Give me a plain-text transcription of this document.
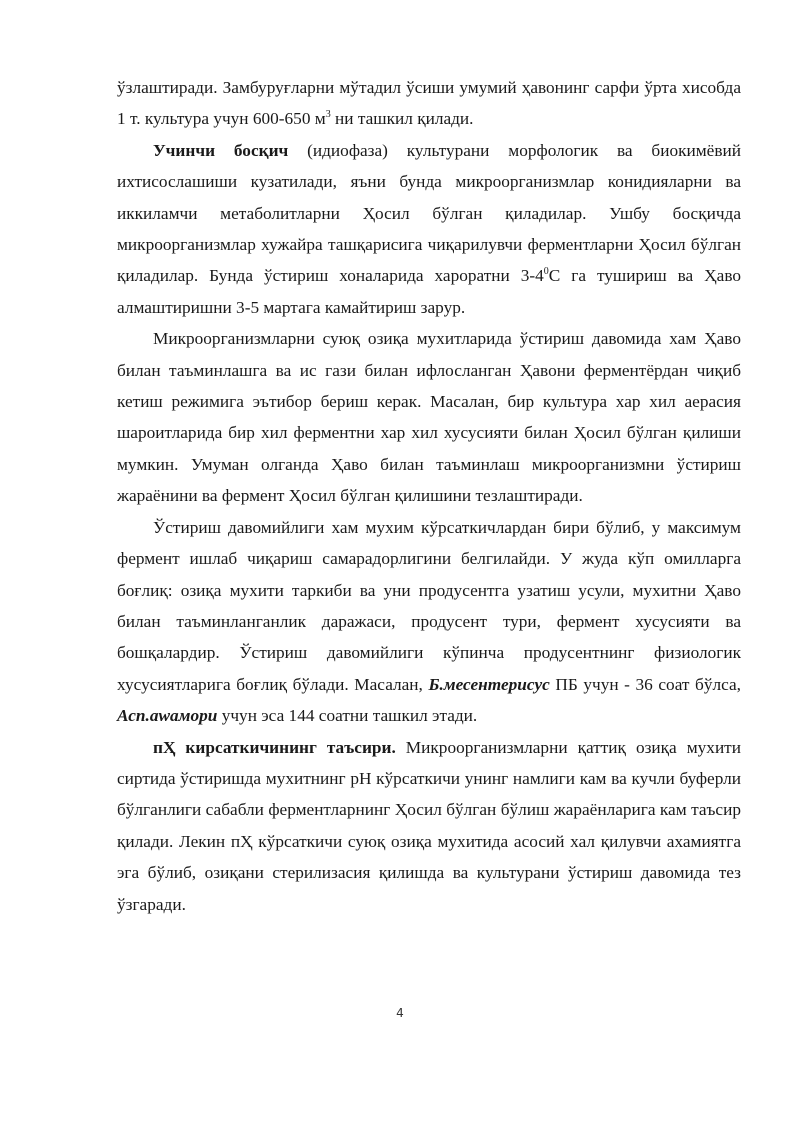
ўзлаштиради. Замбуруғларни мўтадил ўсиши умумий ҳавонинг сарфи ўрта хисобда 1 т. культура учун 600-650 $м^3$ ни ташкил қилади.

Учинчи босқич (идиофаза) культурани морфологик ва биокимёвий ихтисослашиши кузатилади, яъни бунда микроорганизмлар конидияларни ва иккиламчи метаболитларни Ҳосил бўлган қиладилар. Ушбу босқичда микроорганизмлар хужайра ташқарисига чиқарилувчи ферментларни Ҳосил бўлган қиладилар. Бунда ўстириш хоналарида хароратни $3-4^0С$ га тушириш ва Ҳаво алмаштиришни 3-5 мартага камайтириш зарур.

Микроорганизмларни суюқ озиқа мухитларида ўстириш давомида хам Ҳаво билан таъминлашга ва ис гази билан ифлосланган Ҳавони ферментёрдан чиқиб кетиш режимига эътибор бериш керак. Масалан, бир культура хар хил аерасия шароитларида бир хил ферментни хар хил хусусияти билан Ҳосил бўлган қилиши мумкин. Умуман олганда Ҳаво билан таъминлаш микроорганизмни ўстириш жараёнини ва фермент Ҳосил бўлган қилишини тезлаштиради.

Ўстириш давомийлиги хам мухим кўрсаткичлардан бири бўлиб, у максимум фермент ишлаб чиқариш самарадорлигини белгилайди. У жуда кўп омилларга боғлиқ: озиқа мухити таркиби ва уни продусентга узатиш усули, мухитни Ҳаво билан таъминланганлик даражаси, продусент тури, фермент хусусияти ва бошқалардир. Ўстириш давомийлиги кўпинча продусентнинг физиологик хусусиятларига боғлиқ бўлади. Масалан, Б.месентерисус ПБ учун - 36 соат бўлса, Асп.аwамори учун эса 144 соатни ташкил этади.

пҲ кирсаткичининг таъсири. Микроорганизмларни қаттиқ озиқа мухити сиртида ўстиришда мухитнинг рН кўрсаткичи унинг намлиги кам ва кучли буферли бўлганлиги сабабли ферментларнинг Ҳосил бўлган бўлиш жараёнларига кам таъсир қилади. Лекин пҲ кўрсаткичи суюқ озиқа мухитида асосий хал қилувчи ахамиятга эга бўлиб, озиқани стерилизасия қилишда ва культурани ўстириш давомида тез ўзгаради.

4
